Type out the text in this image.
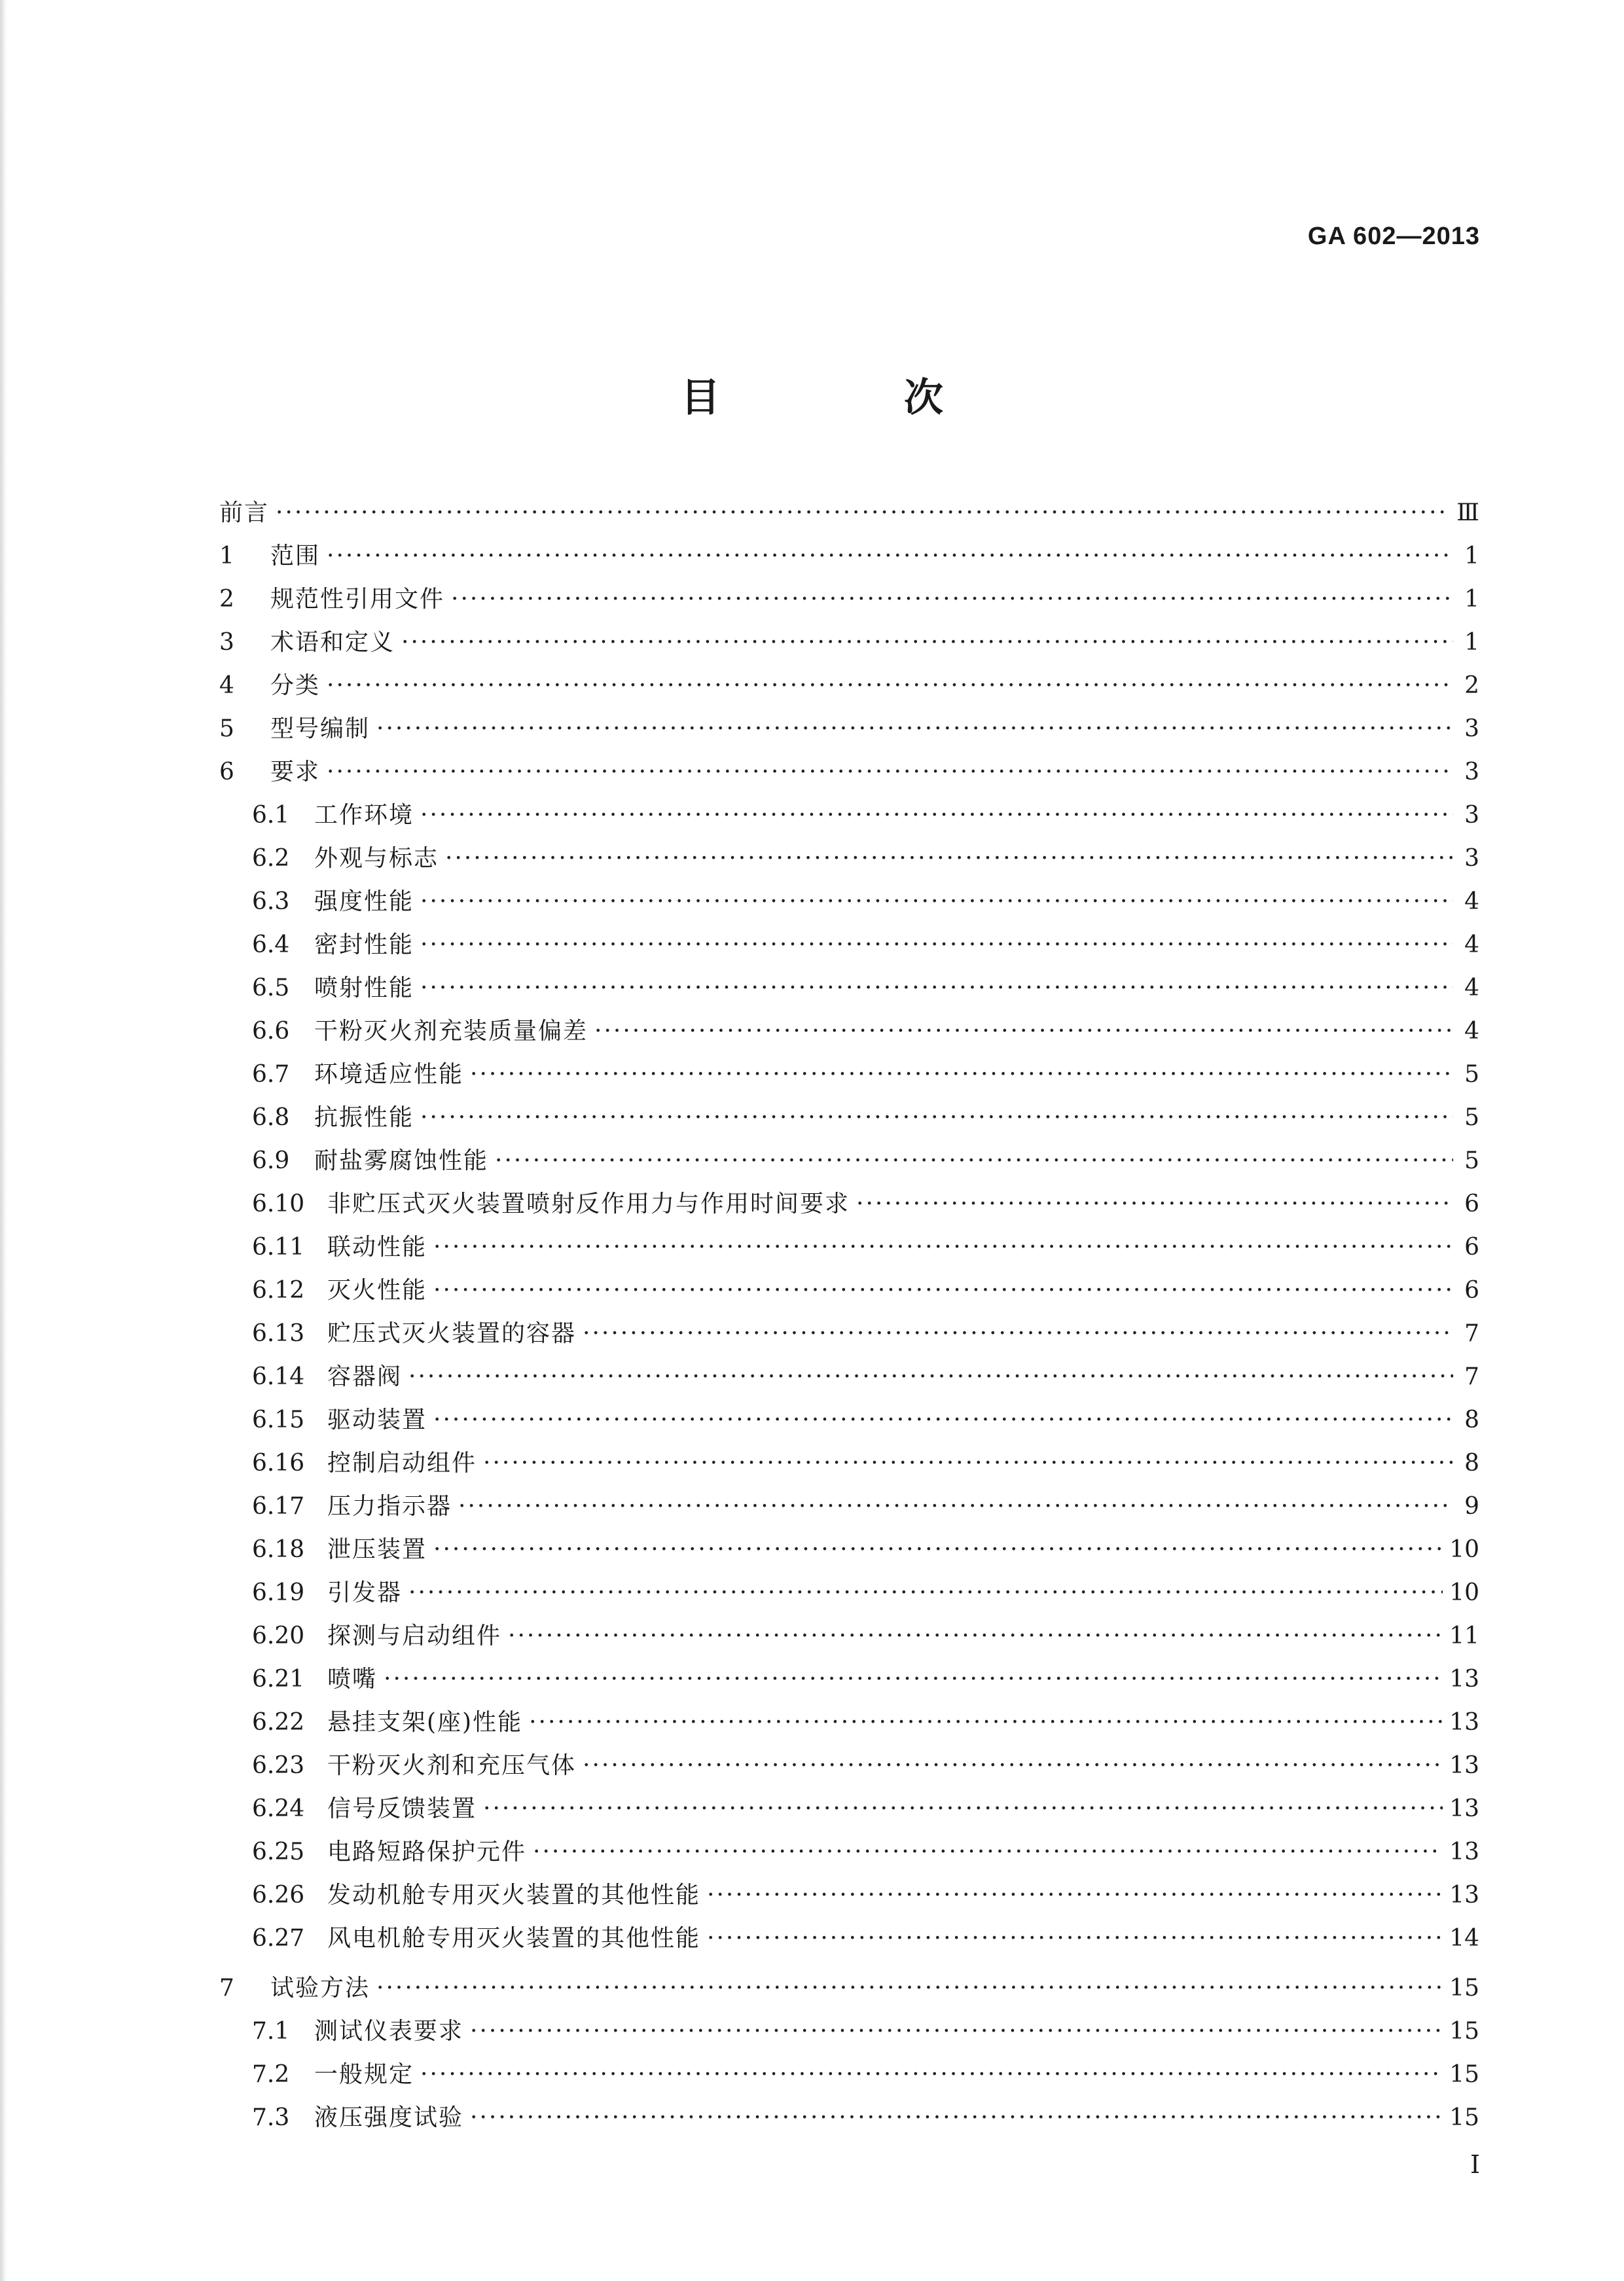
GA 602—2013
目 次
前言 ·····	Ⅲ
1	范围 ·····	1
2	规范性引用文件 ·····	1
3	术语和定义 ·····	1
4	分类 ·····	2
5	型号编制 ·····	3
6	要求 ·····	3
6.1	工作环境 ·····	3
6.2	外观与标志 ·····	3
6.3	强度性能 ·····	4
6.4	密封性能 ·····	4
6.5	喷射性能 ·····	4
6.6	干粉灭火剂充装质量偏差 ·····	4
6.7	环境适应性能 ·····	5
6.8	抗振性能 ·····	5
6.9	耐盐雾腐蚀性能 ·····	5
6.10 非贮压式灭火装置喷射反作用力与作用时间要求 ·····	6
6.11 联动性能 ·····	6
6.12 灭火性能 ·····	6
6.13 贮压式灭火装置的容器 ·····	7
6.14 容器阀 ·····	7
6.15 驱动装置 ·····	8
6.16 控制启动组件 ·····	8
6.17 压力指示器 ·····	9
6.18 泄压装置 ·····	10
6.19 引发器 ·····	10
6.20 探测与启动组件 ·····	11
6.21 喷嘴 ·····	13
6.22 悬挂支架(座)性能 ·····	13
6.23 干粉灭火剂和充压气体 ·····	13
6.24 信号反馈装置 ·····	13
6.25 电路短路保护元件 ·····	13
6.26 发动机舱专用灭火装置的其他性能 ·····	13
6.27 风电机舱专用灭火装置的其他性能 ·····	14
7	试验方法 ·····	15
7.1	测试仪表要求 ·····	15
7.2	一般规定 ·····	15
7.3	液压强度试验 ·····	15
I
